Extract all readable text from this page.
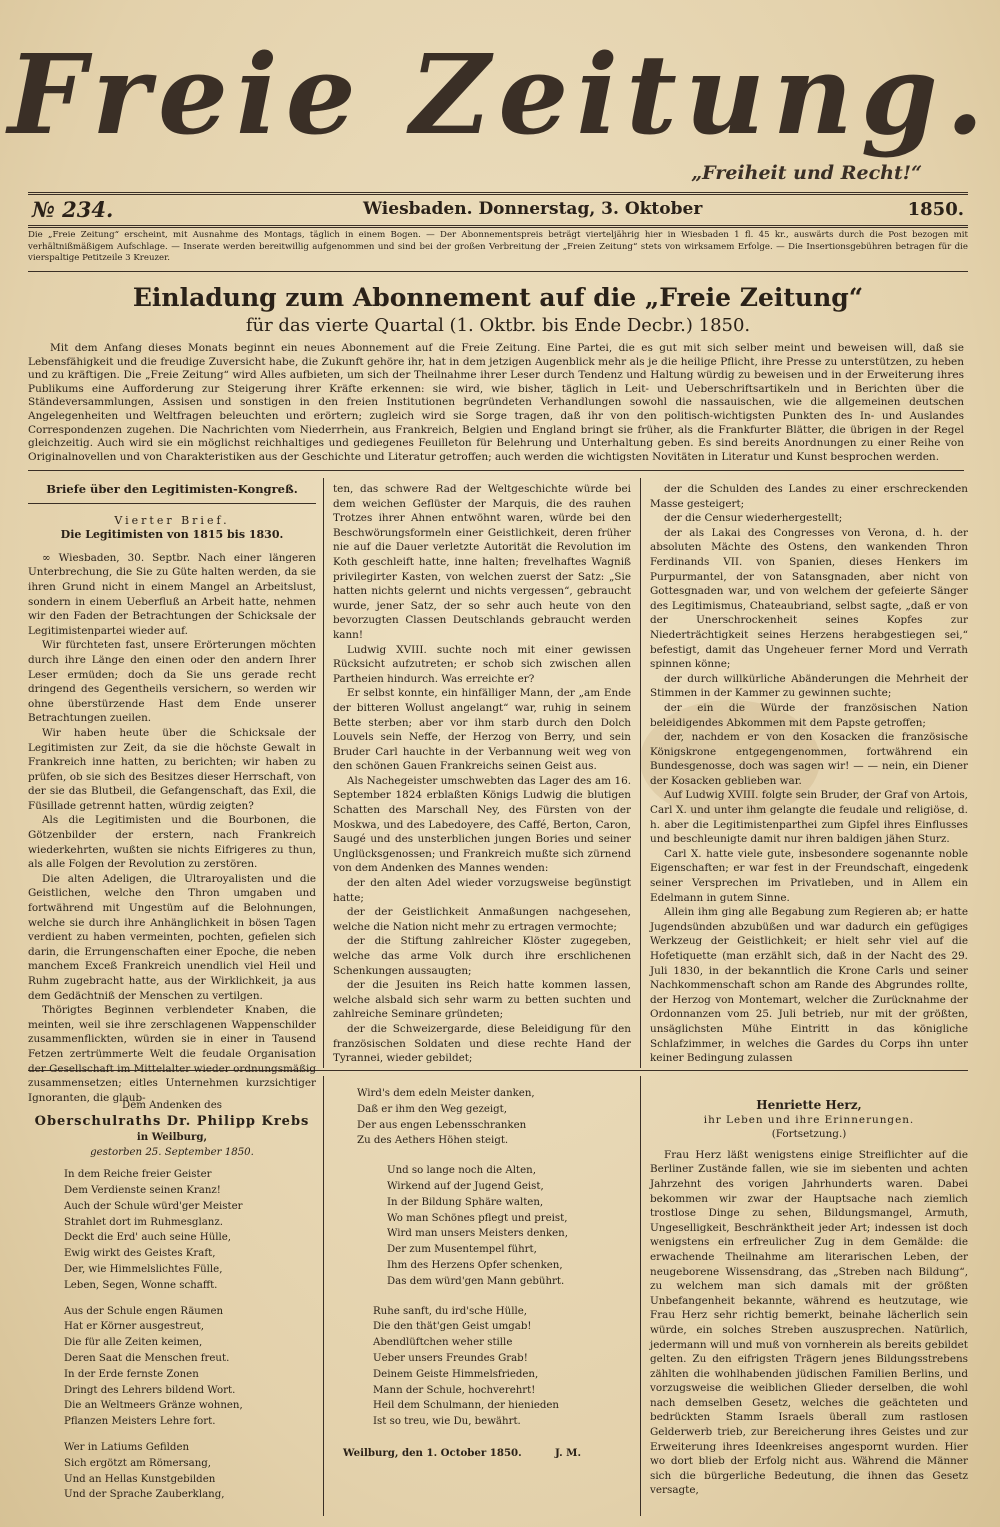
Freie Zeitung.
„Freiheit und Recht!“
№ 234.	Wiesbaden. Donnerstag, 3. Oktober	1850.
Die „Freie Zeitung“ erscheint, mit Ausnahme des Montags, täglich in einem Bogen. — Der Abonnementspreis beträgt vierteljährig hier in Wiesbaden 1 fl. 45 kr., auswärts durch die Post bezogen mit verhältnißmäßigem Aufschlage. — Inserate werden bereitwillig aufgenommen und sind bei der großen Verbreitung der „Freien Zeitung“ stets von wirksamem Erfolge. — Die Insertionsgebühren betragen für die vierspaltige Petitzeile 3 Kreuzer.
Einladung zum Abonnement auf die „Freie Zeitung“
für das vierte Quartal (1. Oktbr. bis Ende Decbr.) 1850.
Mit dem Anfang dieses Monats beginnt ein neues Abonnement auf die Freie Zeitung. Eine Partei, die es gut mit sich selber meint und beweisen will, daß sie Lebensfähigkeit und die freudige Zuversicht habe, die Zukunft gehöre ihr, hat in dem jetzigen Augenblick mehr als je die heilige Pflicht, ihre Presse zu unterstützen, zu heben und zu kräftigen. Die „Freie Zeitung“ wird Alles aufbieten, um sich der Theilnahme ihrer Leser durch Tendenz und Haltung würdig zu beweisen und in der Erweiterung ihres Publikums eine Aufforderung zur Steigerung ihrer Kräfte erkennen: sie wird, wie bisher, täglich in Leit- und Ueberschriftsartikeln und in Berichten über die Ständeversammlungen, Assisen und sonstigen in den freien Institutionen begründeten Verhandlungen sowohl die nassauischen, wie die allgemeinen deutschen Angelegenheiten und Weltfragen beleuchten und erörtern; zugleich wird sie Sorge tragen, daß ihr von den politisch-wichtigsten Punkten des In- und Auslandes Correspondenzen zugehen. Die Nachrichten vom Niederrhein, aus Frankreich, Belgien und England bringt sie früher, als die Frankfurter Blätter, die übrigen in der Regel gleichzeitig. Auch wird sie ein möglichst reichhaltiges und gediegenes Feuilleton für Belehrung und Unterhaltung geben. Es sind bereits Anordnungen zu einer Reihe von Originalnovellen und von Charakteristiken aus der Geschichte und Literatur getroffen; auch werden die wichtigsten Novitäten in Literatur und Kunst besprochen werden.
Briefe über den Legitimisten-Kongreß.
Vierter Brief.
Die Legitimisten von 1815 bis 1830.

∞ Wiesbaden, 30. Septbr. Nach einer längeren Unterbrechung, die Sie zu Güte halten werden, da sie ihren Grund nicht in einem Mangel an Arbeitslust, sondern in einem Ueberfluß an Arbeit hatte, nehmen wir den Faden der Betrachtungen der Schicksale der Legitimistenpartei wieder auf.

Wir fürchteten fast, unsere Erörterungen möchten durch ihre Länge den einen oder den andern Ihrer Leser ermüden; doch da Sie uns gerade recht dringend des Gegentheils versichern, so werden wir ohne überstürzende Hast dem Ende unserer Betrachtungen zueilen.

Wir haben heute über die Schicksale der Legitimisten zur Zeit, da sie die höchste Gewalt in Frankreich inne hatten, zu berichten; wir haben zu prüfen, ob sie sich des Besitzes dieser Herrschaft, von der sie das Blutbeil, die Gefangenschaft, das Exil, die Füsillade getrennt hatten, würdig zeigten?

Als die Legitimisten und die Bourbonen, die Götzenbilder der erstern, nach Frankreich wiederkehrten, wußten sie nichts Eifrigeres zu thun, als alle Folgen der Revolution zu zerstören.

Die alten Adeligen, die Ultraroyalisten und die Geistlichen, welche den Thron umgaben und fortwährend mit Ungestüm auf die Belohnungen, welche sie durch ihre Anhänglichkeit in bösen Tagen verdient zu haben vermeinten, pochten, gefielen sich darin, die Errungenschaften einer Epoche, die neben manchem Exceß Frankreich unendlich viel Heil und Ruhm zugebracht hatte, aus der Wirklichkeit, ja aus dem Gedächtniß der Menschen zu vertilgen.

Thörigtes Beginnen verblendeter Knaben, die meinten, weil sie ihre zerschlagenen Wappenschilder zusammenflickten, würden sie in einer in Tausend Fetzen zertrümmerte Welt die feudale Organisation der Gesellschaft im Mittelalter wieder ordnungsmäßig zusammensetzen; eitles Unternehmen kurzsichtiger Ignoranten, die glaub-

ten, das schwere Rad der Weltgeschichte würde bei dem weichen Geflüster der Marquis, die des rauhen Trotzes ihrer Ahnen entwöhnt waren, würde bei den Beschwörungsformeln einer Geistlichkeit, deren früher nie auf die Dauer verletzte Autorität die Revolution im Koth geschleift hatte, inne halten; frevelhaftes Wagniß privilegirter Kasten, von welchen zuerst der Satz: „Sie hatten nichts gelernt und nichts vergessen“, gebraucht wurde, jener Satz, der so sehr auch heute von den bevorzugten Classen Deutschlands gebraucht werden kann!

Ludwig XVIII. suchte noch mit einer gewissen Rücksicht aufzutreten; er schob sich zwischen allen Partheien hindurch. Was erreichte er?

Er selbst konnte, ein hinfälliger Mann, der „am Ende der bitteren Wollust angelangt“ war, ruhig in seinem Bette sterben; aber vor ihm starb durch den Dolch Louvels sein Neffe, der Herzog von Berry, und sein Bruder Carl hauchte in der Verbannung weit weg von den schönen Gauen Frankreichs seinen Geist aus.

Als Nachegeister umschwebten das Lager des am 16. September 1824 erblaßten Königs Ludwig die blutigen Schatten des Marschall Ney, des Fürsten von der Moskwa, und des Labedoyere, des Caffé, Berton, Caron, Saugé und des unsterblichen jungen Bories und seiner Unglücksgenossen; und Frankreich mußte sich zürnend von dem Andenken des Mannes wenden:

der den alten Adel wieder vorzugsweise begünstigt hatte;

der der Geistlichkeit Anmaßungen nachgesehen, welche die Nation nicht mehr zu ertragen vermochte;

der die Stiftung zahlreicher Klöster zugegeben, welche das arme Volk durch ihre erschlichenen Schenkungen aussaugten;

der die Jesuiten ins Reich hatte kommen lassen, welche alsbald sich sehr warm zu betten suchten und zahlreiche Seminare gründeten;

der die Schweizergarde, diese Beleidigung für den französischen Soldaten und diese rechte Hand der Tyrannei, wieder gebildet;

der die Schulden des Landes zu einer erschreckenden Masse gesteigert;

der die Censur wiederhergestellt;

der als Lakai des Congresses von Verona, d. h. der absoluten Mächte des Ostens, den wankenden Thron Ferdinands VII. von Spanien, dieses Henkers im Purpurmantel, der von Satansgnaden, aber nicht von Gottesgnaden war, und von welchem der gefeierte Sänger des Legitimismus, Chateaubriand, selbst sagte, „daß er von der Unerschrockenheit seines Kopfes zur Niederträchtigkeit seines Herzens herabgestiegen sei,“ befestigt, damit das Ungeheuer ferner Mord und Verrath spinnen könne;

der durch willkürliche Abänderungen die Mehrheit der Stimmen in der Kammer zu gewinnen suchte;

der ein die Würde der französischen Nation beleidigendes Abkommen mit dem Papste getroffen;

der, nachdem er von den Kosacken die französische Königskrone entgegengenommen, fortwährend ein Bundesgenosse, doch was sagen wir! — — nein, ein Diener der Kosacken geblieben war.

Auf Ludwig XVIII. folgte sein Bruder, der Graf von Artois, Carl X. und unter ihm gelangte die feudale und religiöse, d. h. aber die Legitimistenparthei zum Gipfel ihres Einflusses und beschleunigte damit nur ihren baldigen jähen Sturz.

Carl X. hatte viele gute, insbesondere sogenannte noble Eigenschaften; er war fest in der Freundschaft, eingedenk seiner Versprechen im Privatleben, und in Allem ein Edelmann in gutem Sinne.

Allein ihm ging alle Begabung zum Regieren ab; er hatte Jugendsünden abzubüßen und war dadurch ein gefügiges Werkzeug der Geistlichkeit; er hielt sehr viel auf die Hofetiquette (man erzählt sich, daß in der Nacht des 29. Juli 1830, in der bekanntlich die Krone Carls und seiner Nachkommenschaft schon am Rande des Abgrundes rollte, der Herzog von Montemart, welcher die Zurücknahme der Ordonnanzen vom 25. Juli betrieb, nur mit der größten, unsäglichsten Mühe Eintritt in das königliche Schlafzimmer, in welches die Gardes du Corps ihn unter keiner Bedingung zulassen

Dem Andenken des
Oberschulraths Dr. Philipp Krebs
in Weilburg,
gestorben 25. September 1850.
In dem Reiche freier Geister
Dem Verdienste seinen Kranz!
Auch der Schule würd'ger Meister
Strahlet dort im Ruhmesglanz.
Deckt die Erd' auch seine Hülle,
Ewig wirkt des Geistes Kraft,
Der, wie Himmelslichtes Fülle,
Leben, Segen, Wonne schafft.
Aus der Schule engen Räumen
Hat er Körner ausgestreut,
Die für alle Zeiten keimen,
Deren Saat die Menschen freut.
In der Erde fernste Zonen
Dringt des Lehrers bildend Wort.
Die an Weltmeers Gränze wohnen,
Pflanzen Meisters Lehre fort.
Wer in Latiums Gefilden
Sich ergötzt am Römersang,
Und an Hellas Kunstgebilden
Und der Sprache Zauberklang,
Wird's dem edeln Meister danken,
Daß er ihm den Weg gezeigt,
Der aus engen Lebensschranken
Zu des Aethers Höhen steigt.
Und so lange noch die Alten,
Wirkend auf der Jugend Geist,
In der Bildung Sphäre walten,
Wo man Schönes pflegt und preist,
Wird man unsers Meisters denken,
Der zum Musentempel führt,
Ihm des Herzens Opfer schenken,
Das dem würd'gen Mann gebührt.
Ruhe sanft, du ird'sche Hülle,
Die den thät'gen Geist umgab!
Abendlüftchen weher stille
Ueber unsers Freundes Grab!
Deinem Geiste Himmelsfrieden,
Mann der Schule, hochverehrt!
Heil dem Schulmann, der hienieden
Ist so treu, wie Du, bewährt.
Weilburg, den 1. October 1850.	J. M.
Henriette Herz,
ihr Leben und ihre Erinnerungen.
(Fortsetzung.)

Frau Herz läßt wenigstens einige Streiflichter auf die Berliner Zustände fallen, wie sie im siebenten und achten Jahrzehnt des vorigen Jahrhunderts waren. Dabei bekommen wir zwar der Hauptsache nach ziemlich trostlose Dinge zu sehen, Bildungsmangel, Armuth, Ungeselligkeit, Beschränktheit jeder Art; indessen ist doch wenigstens ein erfreulicher Zug in dem Gemälde: die erwachende Theilnahme am literarischen Leben, der neugeborene Wissensdrang, das „Streben nach Bildung“, zu welchem man sich damals mit der größten Unbefangenheit bekannte, während es heutzutage, wie Frau Herz sehr richtig bemerkt, beinahe lächerlich sein würde, ein solches Streben auszusprechen. Natürlich, jedermann will und muß von vornherein als bereits gebildet gelten. Zu den eifrigsten Trägern jenes Bildungsstrebens zählten die wohlhabenden jüdischen Familien Berlins, und vorzugsweise die weiblichen Glieder derselben, die wohl nach demselben Gesetz, welches die geächteten und bedrückten Stamm Israels überall zum rastlosen Gelderwerb trieb, zur Bereicherung ihres Geistes und zur Erweiterung ihres Ideenkreises angespornt wurden. Hier wo dort blieb der Erfolg nicht aus. Während die Männer sich die bürgerliche Bedeutung, die ihnen das Gesetz versagte,
